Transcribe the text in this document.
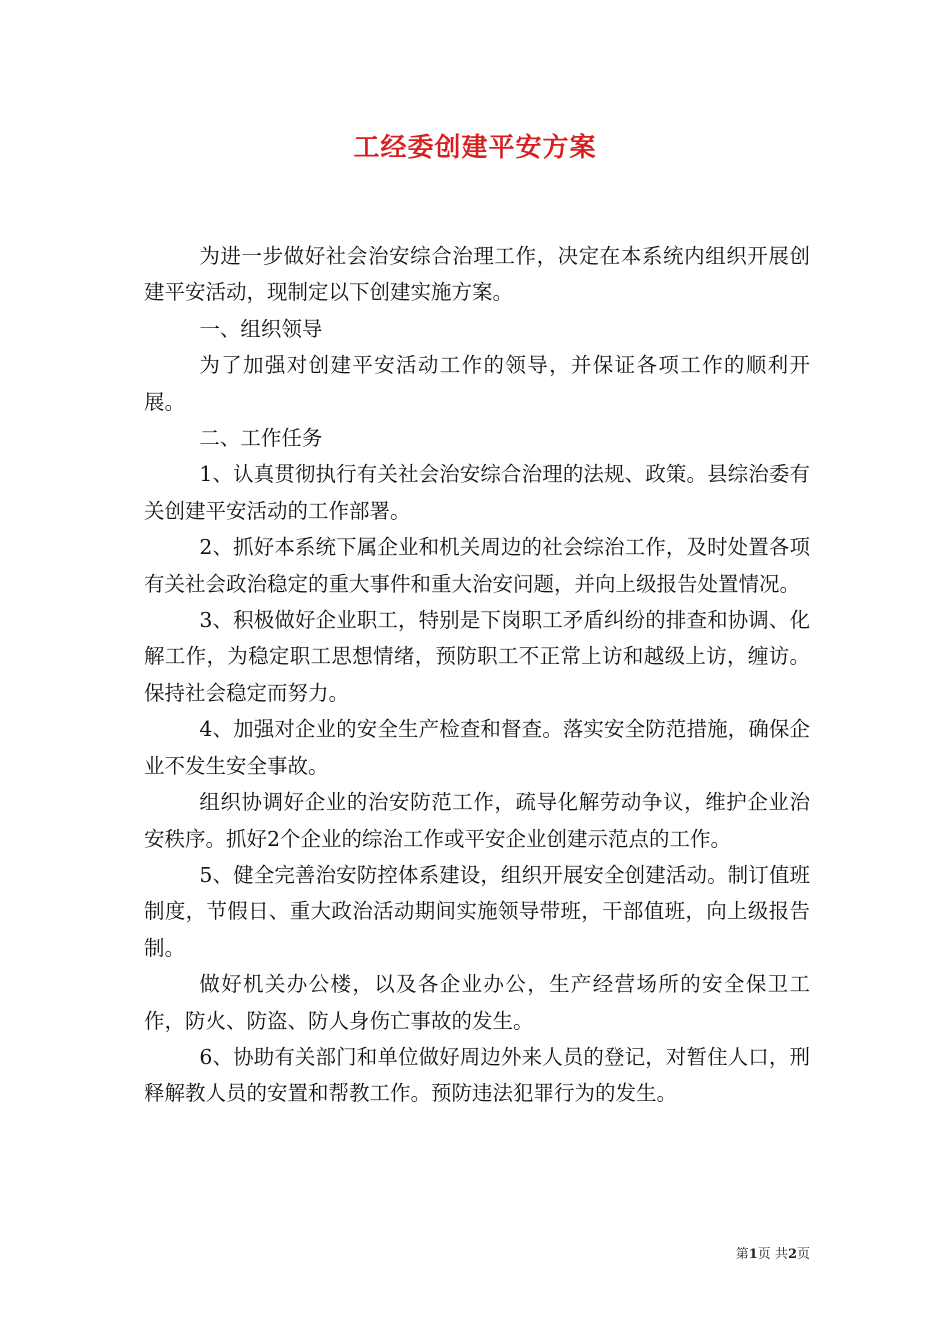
工经委创建平安方案

为进一步做好社会治安综合治理工作，决定在本系统内组织开展创建平安活动，现制定以下创建实施方案。

一、组织领导

为了加强对创建平安活动工作的领导，并保证各项工作的顺利开展。

二、工作任务

1、认真贯彻执行有关社会治安综合治理的法规、政策。县综治委有关创建平安活动的工作部署。

2、抓好本系统下属企业和机关周边的社会综治工作，及时处置各项有关社会政治稳定的重大事件和重大治安问题，并向上级报告处置情况。

3、积极做好企业职工，特别是下岗职工矛盾纠纷的排查和协调、化解工作，为稳定职工思想情绪，预防职工不正常上访和越级上访，缠访。保持社会稳定而努力。

4、加强对企业的安全生产检查和督查。落实安全防范措施，确保企业不发生安全事故。

组织协调好企业的治安防范工作，疏导化解劳动争议，维护企业治安秩序。抓好2个企业的综治工作或平安企业创建示范点的工作。

5、健全完善治安防控体系建设，组织开展安全创建活动。制订值班制度，节假日、重大政治活动期间实施领导带班，干部值班，向上级报告制。

做好机关办公楼，以及各企业办公，生产经营场所的安全保卫工作，防火、防盗、防人身伤亡事故的发生。

6、协助有关部门和单位做好周边外来人员的登记，对暂住人口，刑释解教人员的安置和帮教工作。预防违法犯罪行为的发生。

第1页 共2页
